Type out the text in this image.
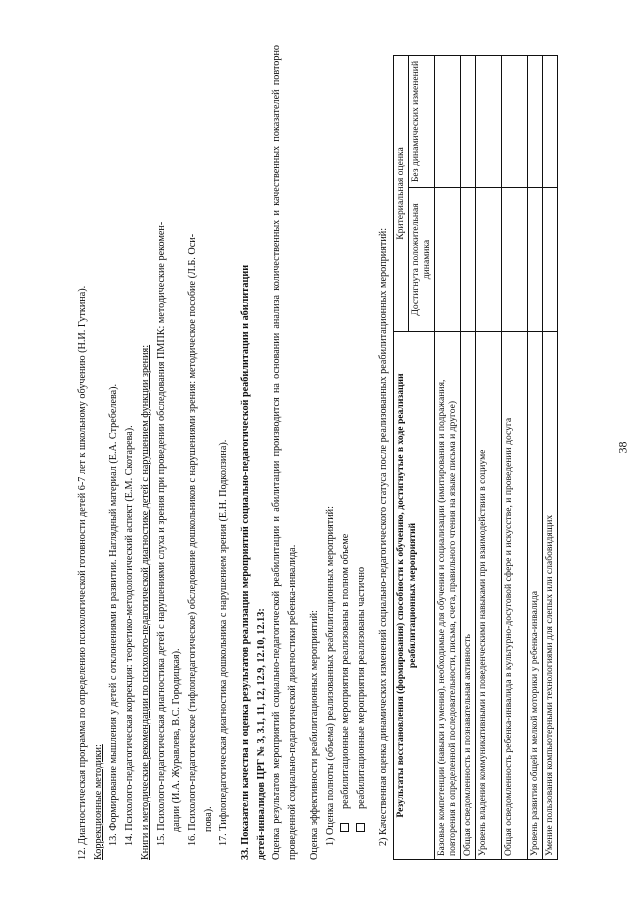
38
12. Диагностическая программа по определению психологической готовности детей 6-7 лет к школьному обучению (Н.И. Гуткина). Коррекционные методики: 13. Формирование мышления у детей с отклонениями в развитии. Наглядный материал (Е.А. Стребелева). 14. Психолого-педагогическая коррекция: теоретико-методологический аспект (Е.М. Скотарева). Книги и методические рекомендации по психолого-педагогической диагностике детей с нарушением функции зрения: 15. Психолого-педагогическая диагностика детей с нарушениями слуха и зрения при проведении обследования ПМПК: методические рекомен- дации (И.А. Журавлева, В.С. Городицкая). 16. Психолого-педагогическое (тифлопедагогическое) обследование дошкольников с нарушениями зрения: методическое пособие (Л.Б. Оси- пова). 17. Тифлопедагогическая диагностика дошкольника с нарушением зрения (Е.Н. Подколзина). 33. Показатели качества и оценка результатов реализации мероприятий социально-педагогической реабилитации и абилитации детей-инвалидов ЦРГ № 3, 3.1, 11, 12, 12.9, 12.10, 12.13: Оценка результатов мероприятий социально-педагогической реабилитации и абилитации производится на основании анализа количественных и качественных показателей повторно проведенной социально-педагогической диагностики ребенка-инвалида. Оценка эффективности реабилитационных мероприятий: 1) Оценка полноты (объема) реализованных реабилитационных мероприятий: реабилитационные мероприятия реализованы в полном объеме реабилитационные мероприятия реализованы частично 2) Качественная оценка динамических изменений социально-педагогического статуса после реализованных реабилитационных мероприятий: Результаты восстановления (формирования) способности к обучению, достигнутые в ходе реализации реабилитационных мероприятий	Критериальная оценка	
	Достигнута положительная динамика	Без динамических изменений
Базовые компетенции (навыки и умения), необходимые для обучения и социализации (имитирования и подражания, повторения в определенной последовательности, письма, счета, правильного чтения на языке письма и другое)		
Общая осведомленность и познавательная активность		
Уровень владения коммуникативными и поведенческими навыками при взаимодействии в социуме		
Общая осведомленность ребенка-инвалида в культурно-досуговой сфере и искусстве, и проведении досуга		
Уровень развития общей и мелкой моторики у ребенка-инвалида		
Умение пользования компьютерными технологиями для слепых или слабовидящих		
